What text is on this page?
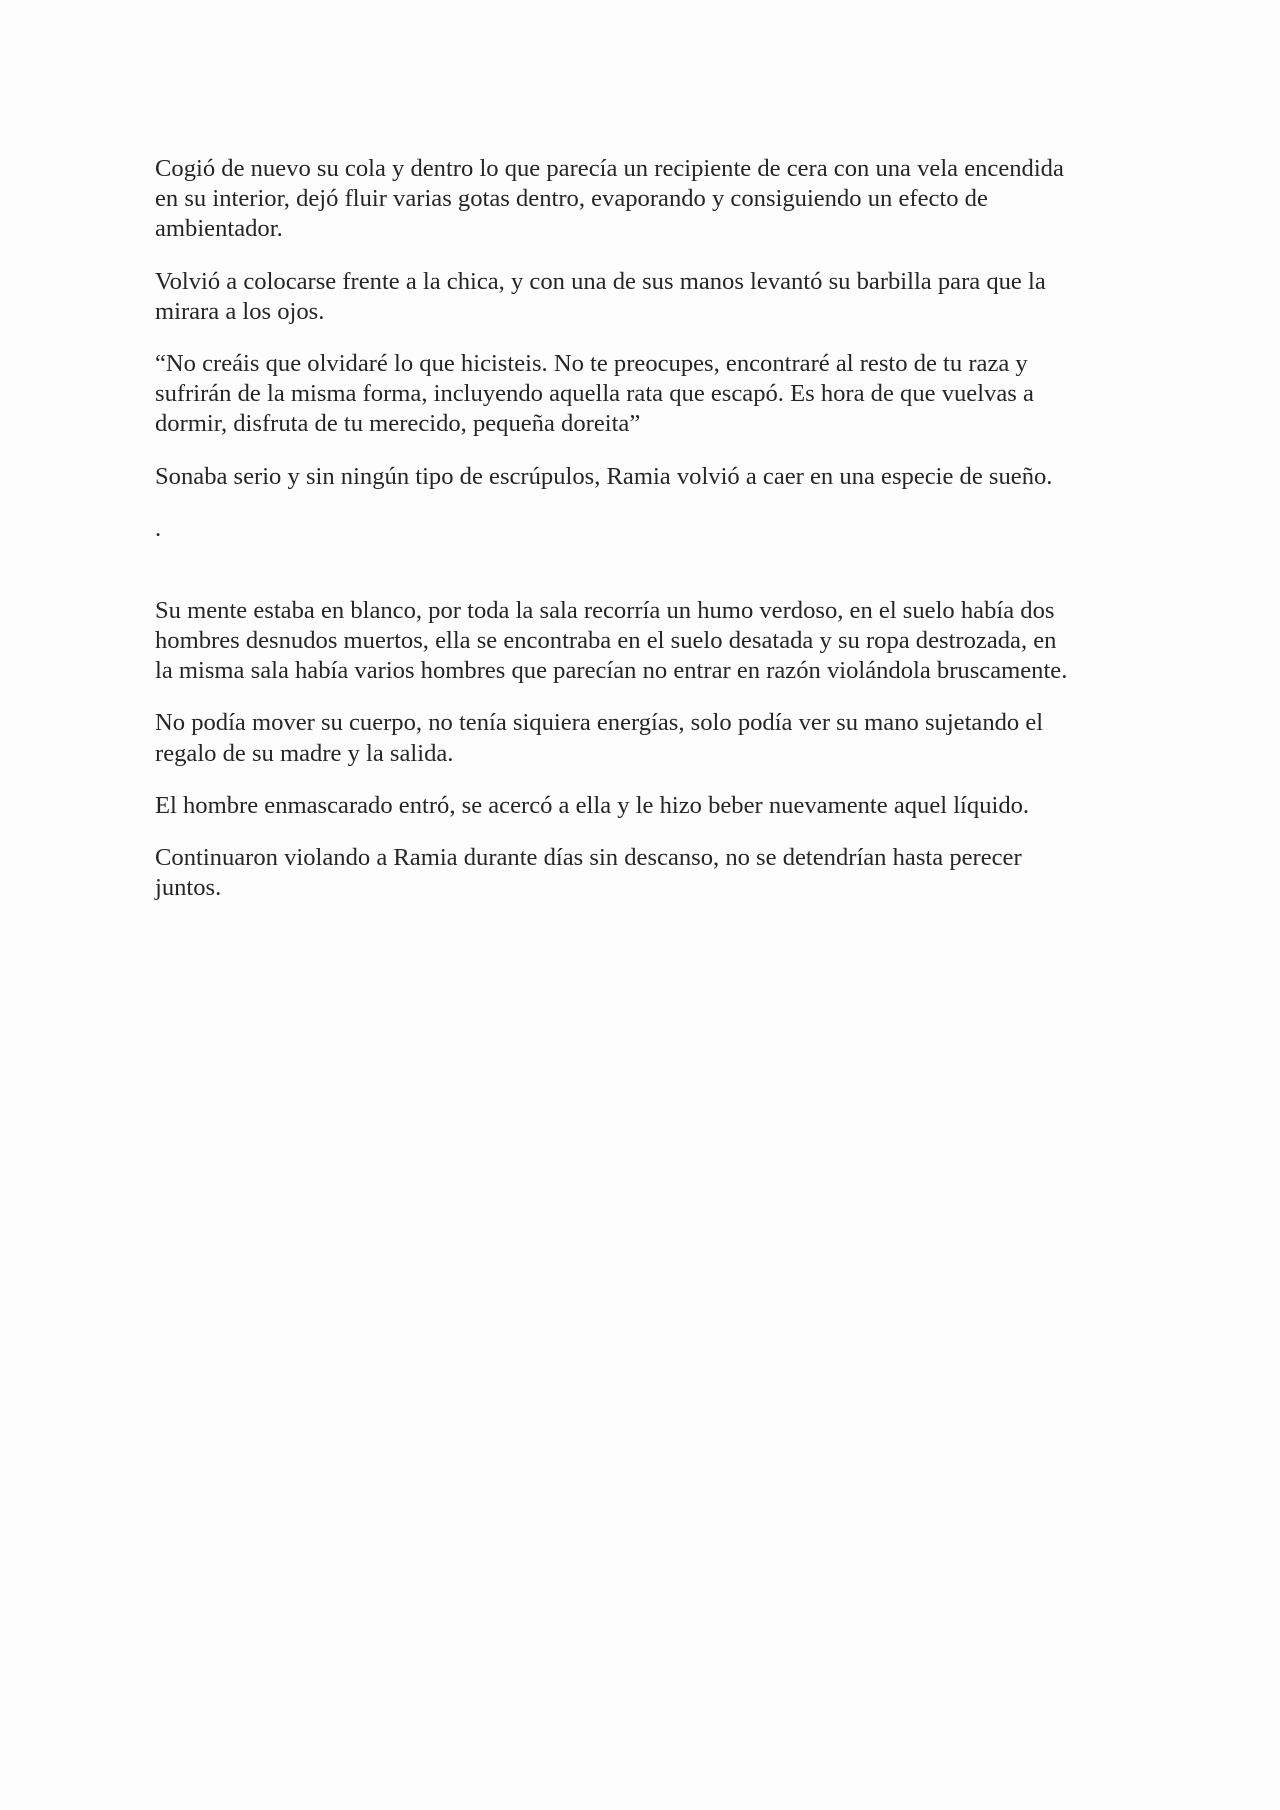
Cogió de nuevo su cola y dentro lo que parecía un recipiente de cera con una vela encendida
en su interior, dejó fluir varias gotas dentro, evaporando y consiguiendo un efecto de
ambientador.

Volvió a colocarse frente a la chica, y con una de sus manos levantó su barbilla para que la
mirara a los ojos.

“No creáis que olvidaré lo que hicisteis. No te preocupes, encontraré al resto de tu raza y
sufrirán de la misma forma, incluyendo aquella rata que escapó. Es hora de que vuelvas a
dormir, disfruta de tu merecido, pequeña doreita”

Sonaba serio y sin ningún tipo de escrúpulos, Ramia volvió a caer en una especie de sueño.

.

Su mente estaba en blanco, por toda la sala recorría un humo verdoso, en el suelo había dos
hombres desnudos muertos, ella se encontraba en el suelo desatada y su ropa destrozada, en
la misma sala había varios hombres que parecían no entrar en razón violándola bruscamente.

No podía mover su cuerpo, no tenía siquiera energías, solo podía ver su mano sujetando el
regalo de su madre y la salida.

El hombre enmascarado entró, se acercó a ella y le hizo beber nuevamente aquel líquido.

Continuaron violando a Ramia durante días sin descanso, no se detendrían hasta perecer
juntos.
